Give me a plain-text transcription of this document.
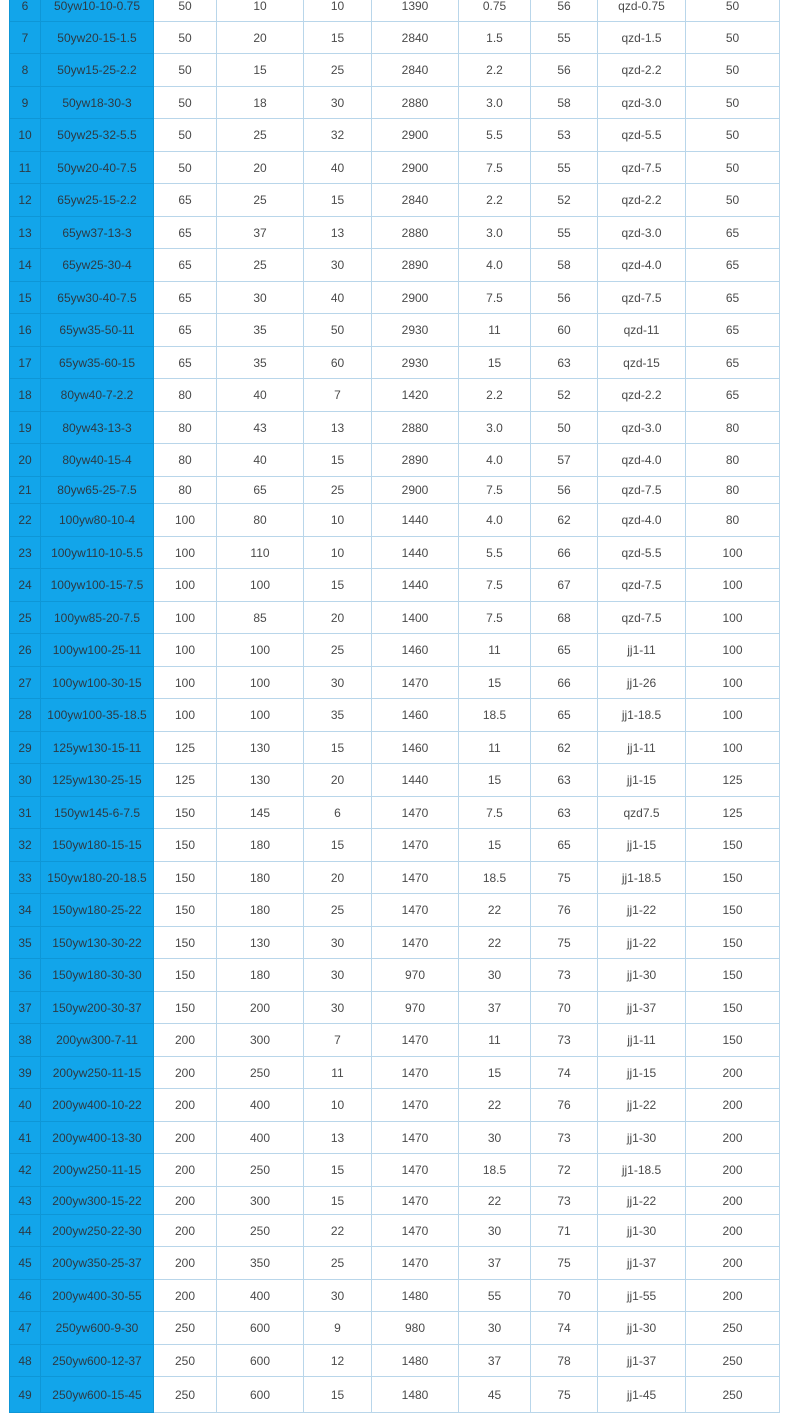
6	50yw10-10-0.75	50	10	10	1390	0.75	56	qzd-0.75	50
7	50yw20-15-1.5	50	20	15	2840	1.5	55	qzd-1.5	50
8	50yw15-25-2.2	50	15	25	2840	2.2	56	qzd-2.2	50
9	50yw18-30-3	50	18	30	2880	3.0	58	qzd-3.0	50
10	50yw25-32-5.5	50	25	32	2900	5.5	53	qzd-5.5	50
11	50yw20-40-7.5	50	20	40	2900	7.5	55	qzd-7.5	50
12	65yw25-15-2.2	65	25	15	2840	2.2	52	qzd-2.2	50
13	65yw37-13-3	65	37	13	2880	3.0	55	qzd-3.0	65
14	65yw25-30-4	65	25	30	2890	4.0	58	qzd-4.0	65
15	65yw30-40-7.5	65	30	40	2900	7.5	56	qzd-7.5	65
16	65yw35-50-11	65	35	50	2930	11	60	qzd-11	65
17	65yw35-60-15	65	35	60	2930	15	63	qzd-15	65
18	80yw40-7-2.2	80	40	7	1420	2.2	52	qzd-2.2	65
19	80yw43-13-3	80	43	13	2880	3.0	50	qzd-3.0	80
20	80yw40-15-4	80	40	15	2890	4.0	57	qzd-4.0	80
21	80yw65-25-7.5	80	65	25	2900	7.5	56	qzd-7.5	80
22	100yw80-10-4	100	80	10	1440	4.0	62	qzd-4.0	80
23	100yw110-10-5.5	100	110	10	1440	5.5	66	qzd-5.5	100
24	100yw100-15-7.5	100	100	15	1440	7.5	67	qzd-7.5	100
25	100yw85-20-7.5	100	85	20	1400	7.5	68	qzd-7.5	100
26	100yw100-25-11	100	100	25	1460	11	65	jj1-11	100
27	100yw100-30-15	100	100	30	1470	15	66	jj1-26	100
28	100yw100-35-18.5	100	100	35	1460	18.5	65	jj1-18.5	100
29	125yw130-15-11	125	130	15	1460	11	62	jj1-11	100
30	125yw130-25-15	125	130	20	1440	15	63	jj1-15	125
31	150yw145-6-7.5	150	145	6	1470	7.5	63	qzd7.5	125
32	150yw180-15-15	150	180	15	1470	15	65	jj1-15	150
33	150yw180-20-18.5	150	180	20	1470	18.5	75	jj1-18.5	150
34	150yw180-25-22	150	180	25	1470	22	76	jj1-22	150
35	150yw130-30-22	150	130	30	1470	22	75	jj1-22	150
36	150yw180-30-30	150	180	30	970	30	73	jj1-30	150
37	150yw200-30-37	150	200	30	970	37	70	jj1-37	150
38	200yw300-7-11	200	300	7	1470	11	73	jj1-11	150
39	200yw250-11-15	200	250	11	1470	15	74	jj1-15	200
40	200yw400-10-22	200	400	10	1470	22	76	jj1-22	200
41	200yw400-13-30	200	400	13	1470	30	73	jj1-30	200
42	200yw250-11-15	200	250	15	1470	18.5	72	jj1-18.5	200
43	200yw300-15-22	200	300	15	1470	22	73	jj1-22	200
44	200yw250-22-30	200	250	22	1470	30	71	jj1-30	200
45	200yw350-25-37	200	350	25	1470	37	75	jj1-37	200
46	200yw400-30-55	200	400	30	1480	55	70	jj1-55	200
47	250yw600-9-30	250	600	9	980	30	74	jj1-30	250
48	250yw600-12-37	250	600	12	1480	37	78	jj1-37	250
49	250yw600-15-45	250	600	15	1480	45	75	jj1-45	250
